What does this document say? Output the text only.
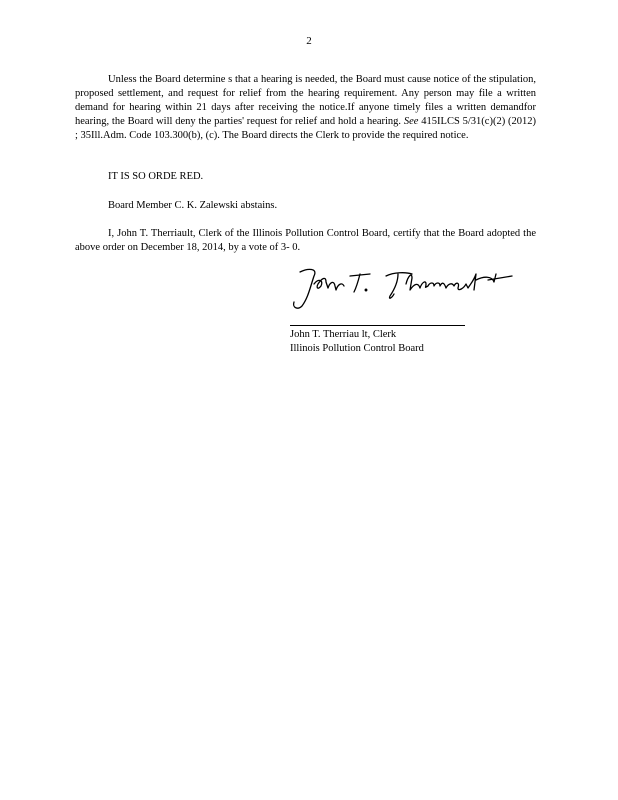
2
Unless the Board determine s that a hearing is needed, the Board must cause notice of the stipulation, proposed settlement, and request for relief from the hearing requirement. Any person may file a written demand for hearing within 21 days after receiving the notice.If anyone timely files a written demandfor hearing, the Board will deny the parties' request for relief and hold a hearing. See 415ILCS 5/31(c)(2) (2012) ; 35Ill.Adm. Code 103.300(b), (c). The Board directs the Clerk to provide the required notice.
IT IS SO ORDE RED.
Board Member C. K. Zalewski abstains.
I, John T. Therriault, Clerk of the Illinois Pollution Control Board, certify that the Board adopted the above order on December 18, 2014, by a vote of 3- 0.
John T. Therriau lt, Clerk
Illinois Pollution Control Board
